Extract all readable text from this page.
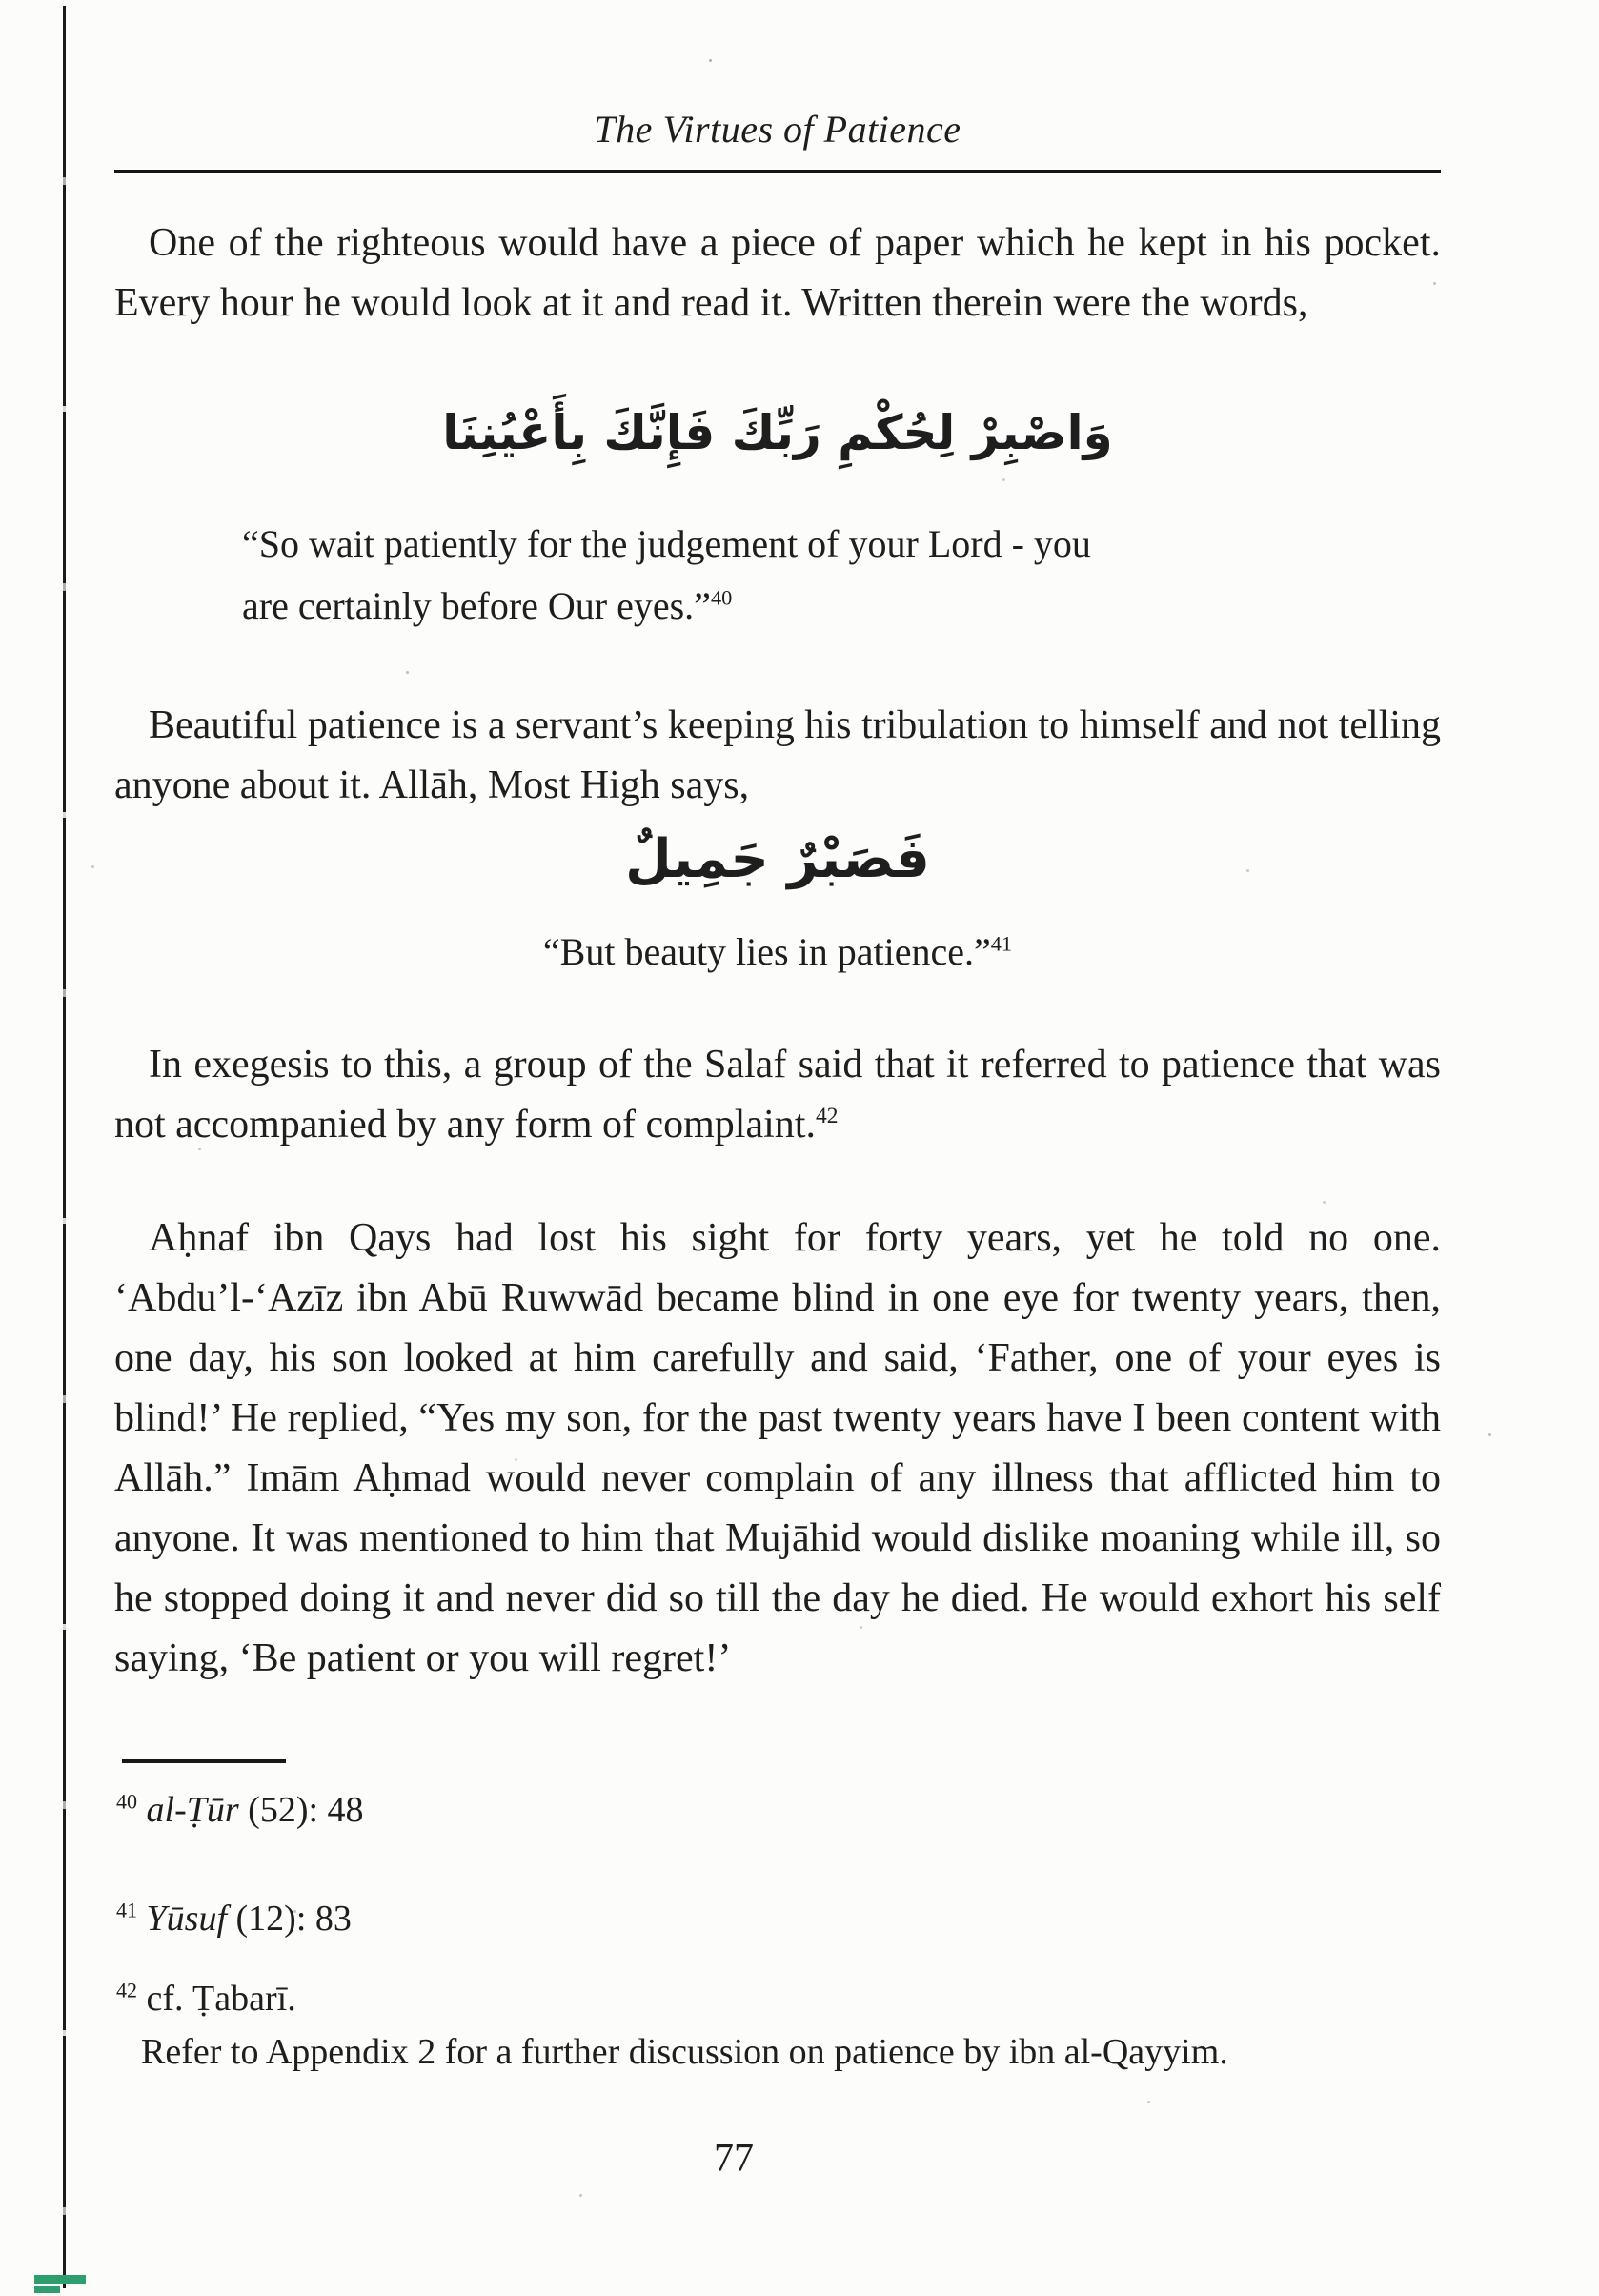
The Virtues of Patience

One of the righteous would have a piece of paper which he kept in his pocket. Every hour he would look at it and read it. Written therein were the words,

وَاصْبِرْ لِحُكْمِ رَبِّكَ فَإِنَّكَ بِأَعْيُنِنَا
“So wait patiently for the judgement of your Lord - you
are certainly before Our eyes.”$^{40}$

Beautiful patience is a servant’s keeping his tribulation to himself and not telling anyone about it. Allāh, Most High says,

فَصَبْرٌ جَمِيلٌ
“But beauty lies in patience.”$^{41}$

In exegesis to this, a group of the Salaf said that it referred to patience that was not accompanied by any form of complaint.$^{42}$

Aḥnaf ibn Qays had lost his sight for forty years, yet he told no one. ‘Abdu’l-‘Azīz ibn Abū Ruwwād became blind in one eye for twenty years, then, one day, his son looked at him carefully and said, ‘Father, one of your eyes is blind!’ He replied, “Yes my son, for the past twenty years have I been content with Allāh.” Imām Aḥmad would never complain of any illness that afflicted him to anyone. It was mentioned to him that Mujāhid would dislike moaning while ill, so he stopped doing it and never did so till the day he died. He would exhort his self saying, ‘Be patient or you will regret!’

$^{40}$ al-Ṭūr (52): 48

$^{41}$ Yūsuf (12): 83

$^{42}$ cf. Ṭabarī.

Refer to Appendix 2 for a further discussion on patience by ibn al-Qayyim.

77
